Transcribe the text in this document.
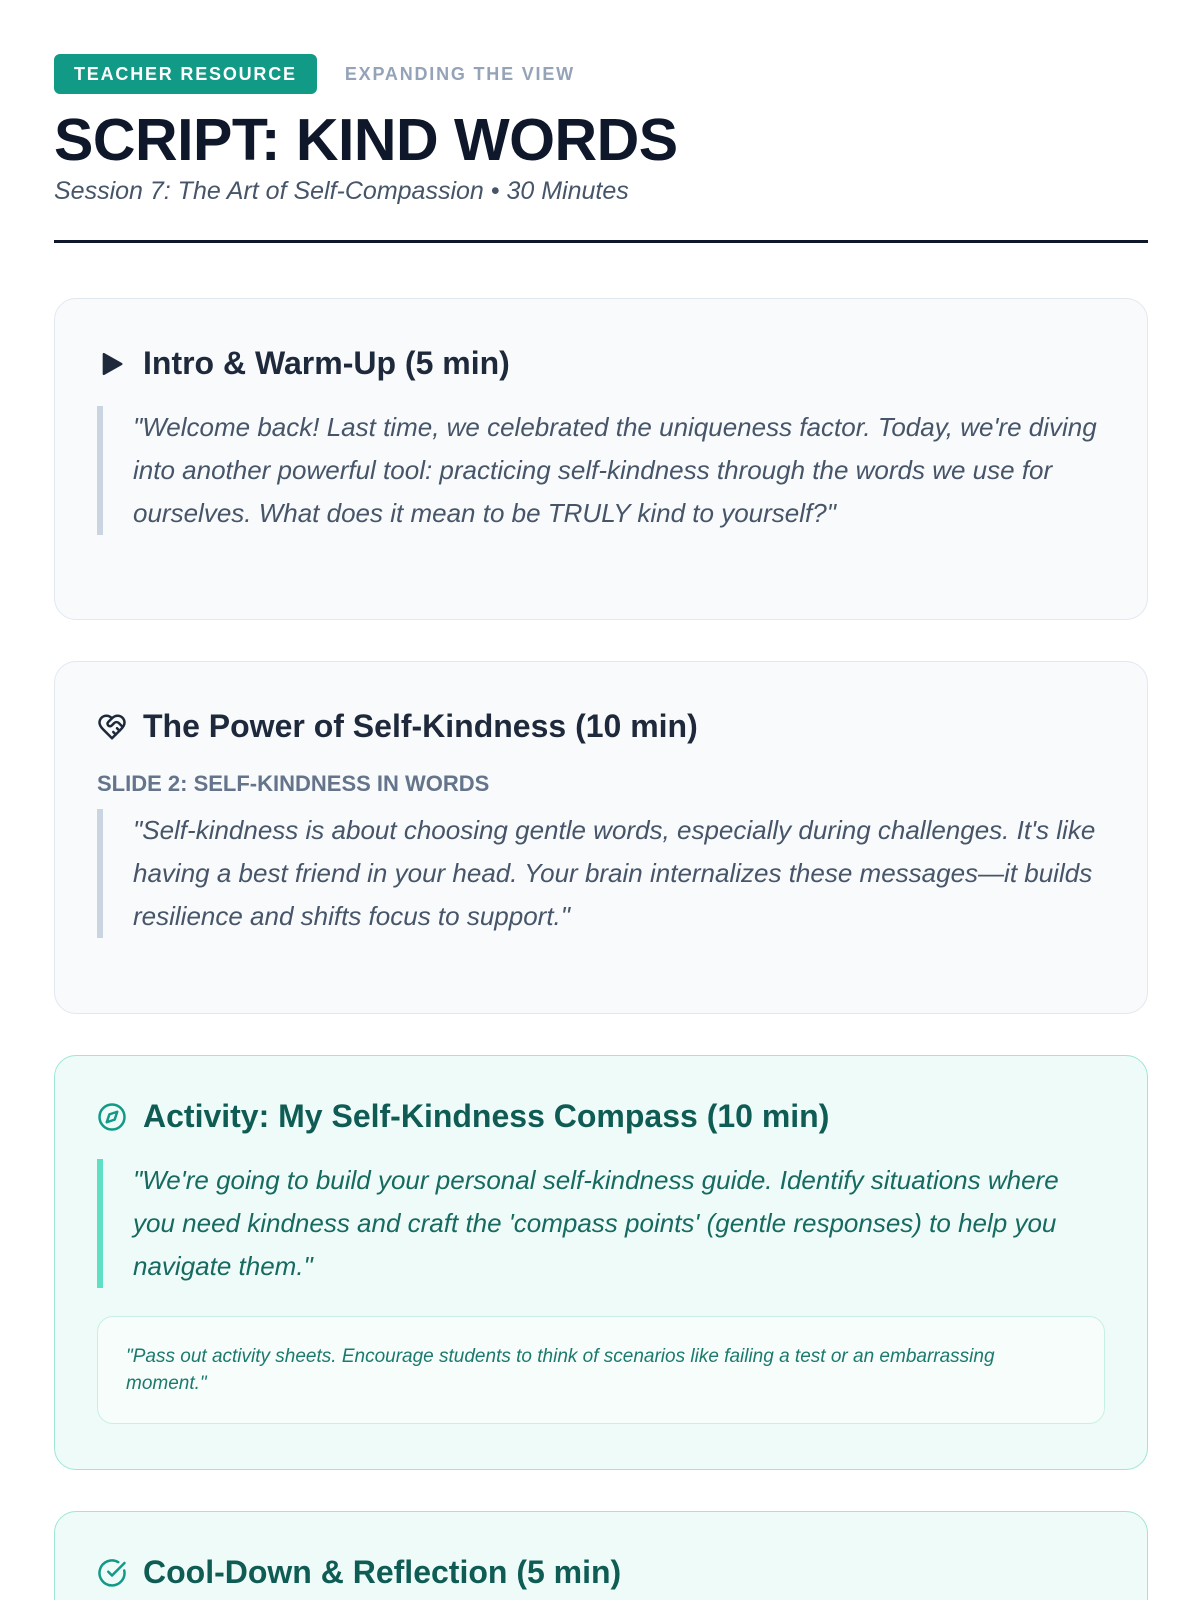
TEACHER RESOURCE	EXPANDING THE VIEW
SCRIPT: KIND WORDS
Session 7: The Art of Self-Compassion • 30 Minutes
Intro & Warm-Up (5 min)
"Welcome back! Last time, we celebrated the uniqueness factor. Today, we're diving into another powerful tool: practicing self-kindness through the words we use for ourselves. What does it mean to be TRULY kind to yourself?"
The Power of Self-Kindness (10 min)
SLIDE 2: SELF-KINDNESS IN WORDS
"Self-kindness is about choosing gentle words, especially during challenges. It's like having a best friend in your head. Your brain internalizes these messages—it builds resilience and shifts focus to support."
Activity: My Self-Kindness Compass (10 min)
"We're going to build your personal self-kindness guide. Identify situations where you need kindness and craft the 'compass points' (gentle responses) to help you navigate them."
"Pass out activity sheets. Encourage students to think of scenarios like failing a test or an embarrassing moment."
Cool-Down & Reflection (5 min)
